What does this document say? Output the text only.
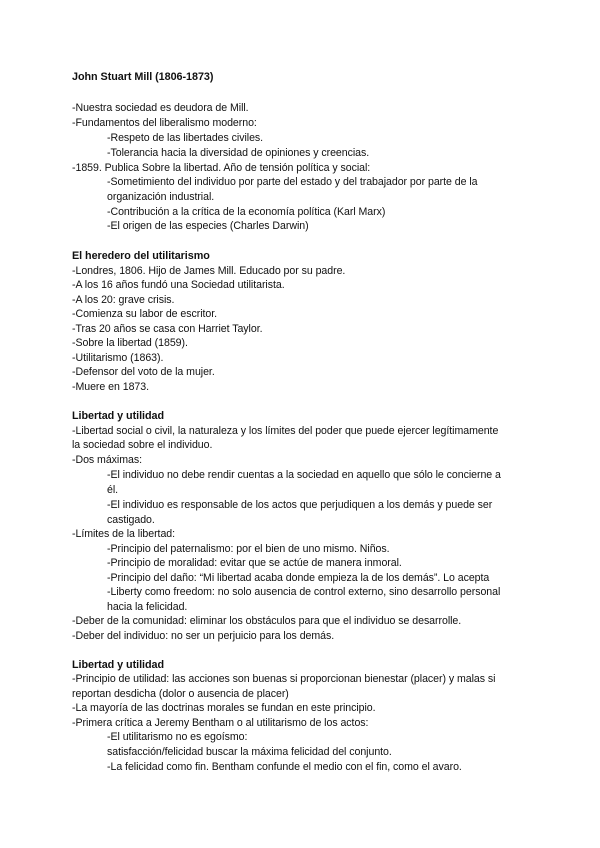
John Stuart Mill (1806-1873)
-Nuestra sociedad es deudora de Mill.
-Fundamentos del liberalismo moderno:
-Respeto de las libertades civiles.
-Tolerancia hacia la diversidad de opiniones y creencias.
-1859. Publica Sobre la libertad. Año de tensión política y social:
-Sometimiento del individuo por parte del estado y del trabajador por parte de la
organización industrial.
-Contribución a la crítica de la economía política (Karl Marx)
-El origen de las especies (Charles Darwin)
El heredero del utilitarismo
-Londres, 1806. Hijo de James Mill. Educado por su padre.
-A los 16 años fundó una Sociedad utilitarista.
-A los 20: grave crisis.
-Comienza su labor de escritor.
-Tras 20 años se casa con Harriet Taylor.
-Sobre la libertad (1859).
-Utilitarismo (1863).
-Defensor del voto de la mujer.
-Muere en 1873.
Libertad y utilidad
-Libertad social o civil, la naturaleza y los límites del poder que puede ejercer legítimamente
la sociedad sobre el individuo.
-Dos máximas:
-El individuo no debe rendir cuentas a la sociedad en aquello que sólo le concierne a
él.
-El individuo es responsable de los actos que perjudiquen a los demás y puede ser
castigado.
-Límites de la libertad:
-Principio del paternalismo: por el bien de uno mismo. Niños.
-Principio de moralidad: evitar que se actúe de manera inmoral.
-Principio del daño: “Mi libertad acaba donde empieza la de los demás”. Lo acepta
-Liberty como freedom: no solo ausencia de control externo, sino desarrollo personal
hacia la felicidad.
-Deber de la comunidad: eliminar los obstáculos para que el individuo se desarrolle.
-Deber del individuo: no ser un perjuicio para los demás.
Libertad y utilidad
-Principio de utilidad: las acciones son buenas si proporcionan bienestar (placer) y malas si
reportan desdicha (dolor o ausencia de placer)
-La mayoría de las doctrinas morales se fundan en este principio.
-Primera crítica a Jeremy Bentham o al utilitarismo de los actos:
-El utilitarismo no es egoísmo:
satisfacción/felicidad buscar la máxima felicidad del conjunto.
-La felicidad como fin. Bentham confunde el medio con el fin, como el avaro.
